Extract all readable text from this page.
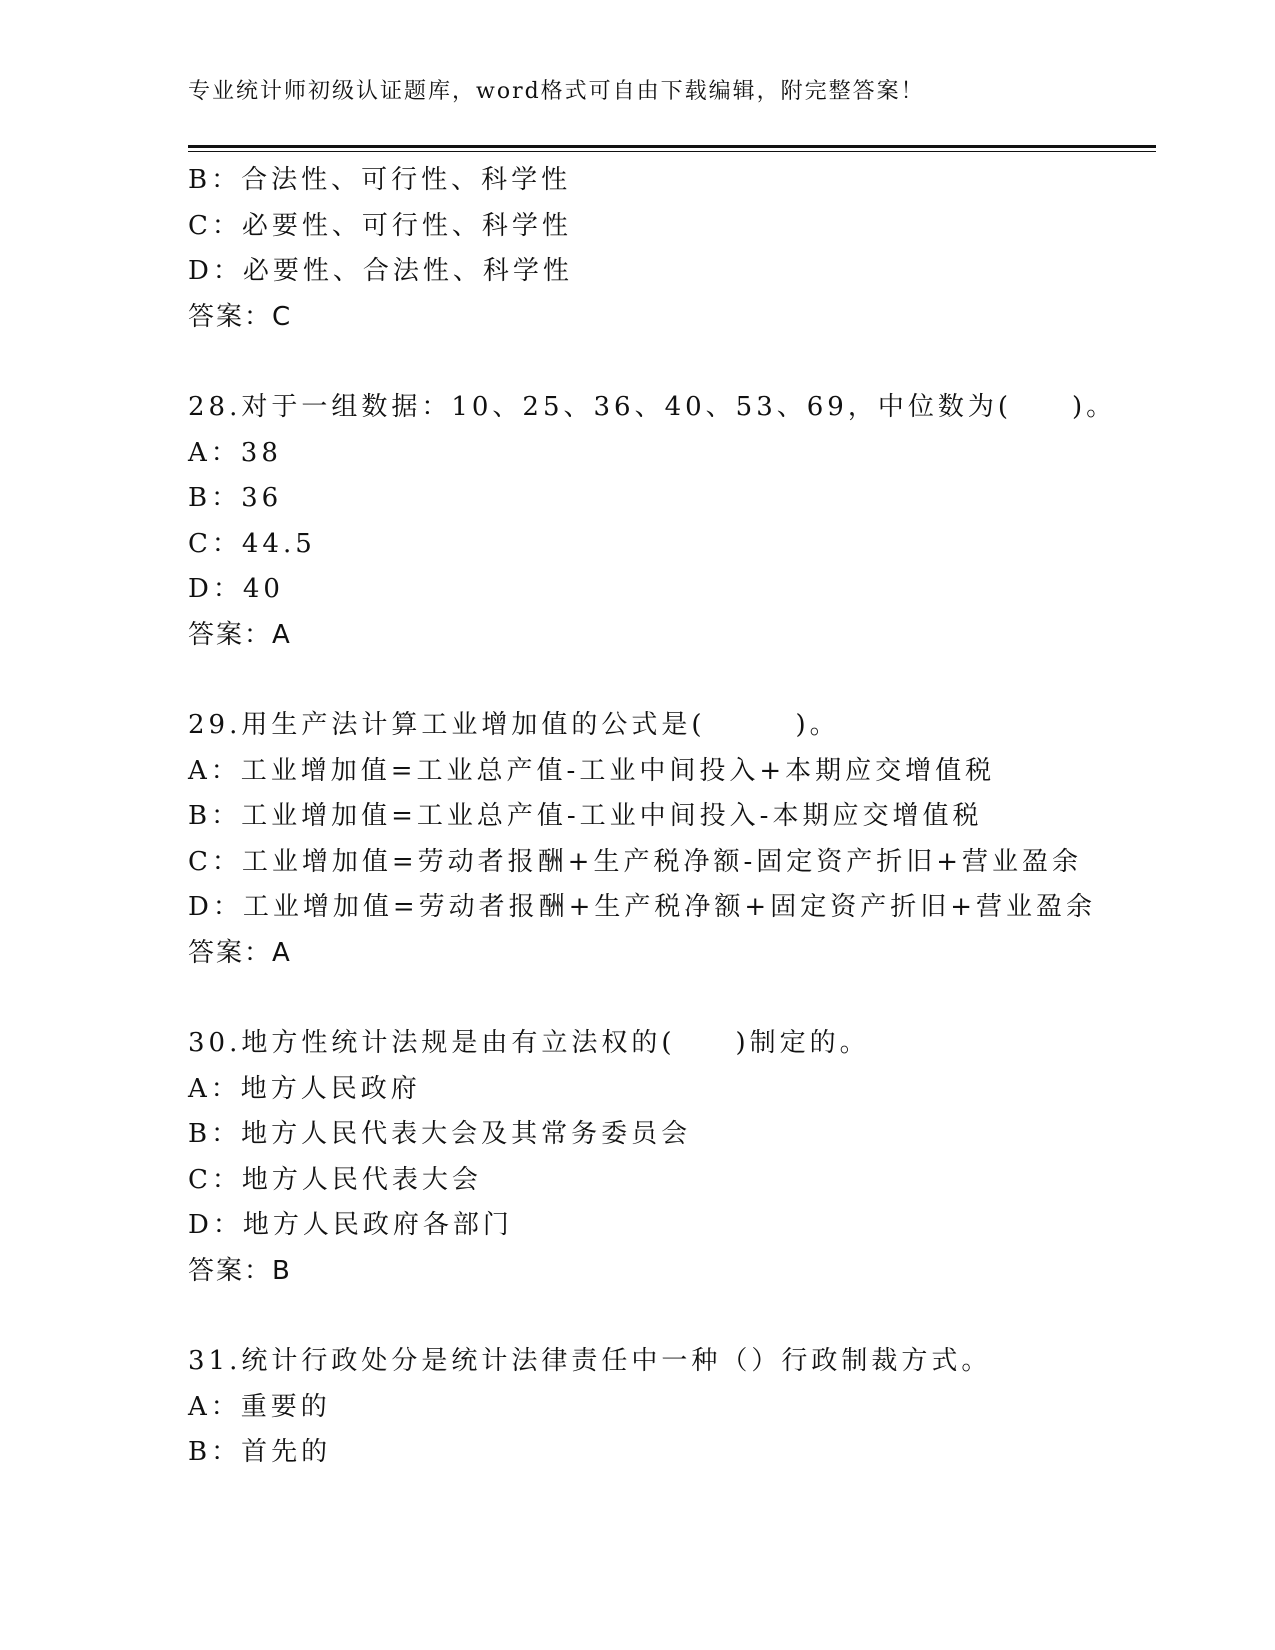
专业统计师初级认证题库，word格式可自由下载编辑，附完整答案！
B：合法性、可行性、科学性
C：必要性、可行性、科学性
D：必要性、合法性、科学性
答案：C
28.对于一组数据：10、25、36、40、53、69，中位数为(　　)。
A：38
B：36
C：44.5
D：40
答案：A
29.用生产法计算工业增加值的公式是(　　　)。
A：工业增加值=工业总产值-工业中间投入+本期应交增值税
B：工业增加值=工业总产值-工业中间投入-本期应交增值税
C：工业增加值=劳动者报酬+生产税净额-固定资产折旧+营业盈余
D：工业增加值=劳动者报酬+生产税净额+固定资产折旧+营业盈余
答案：A
30.地方性统计法规是由有立法权的(　　)制定的。
A：地方人民政府
B：地方人民代表大会及其常务委员会
C：地方人民代表大会
D：地方人民政府各部门
答案：B
31.统计行政处分是统计法律责任中一种（）行政制裁方式。
A：重要的
B：首先的
